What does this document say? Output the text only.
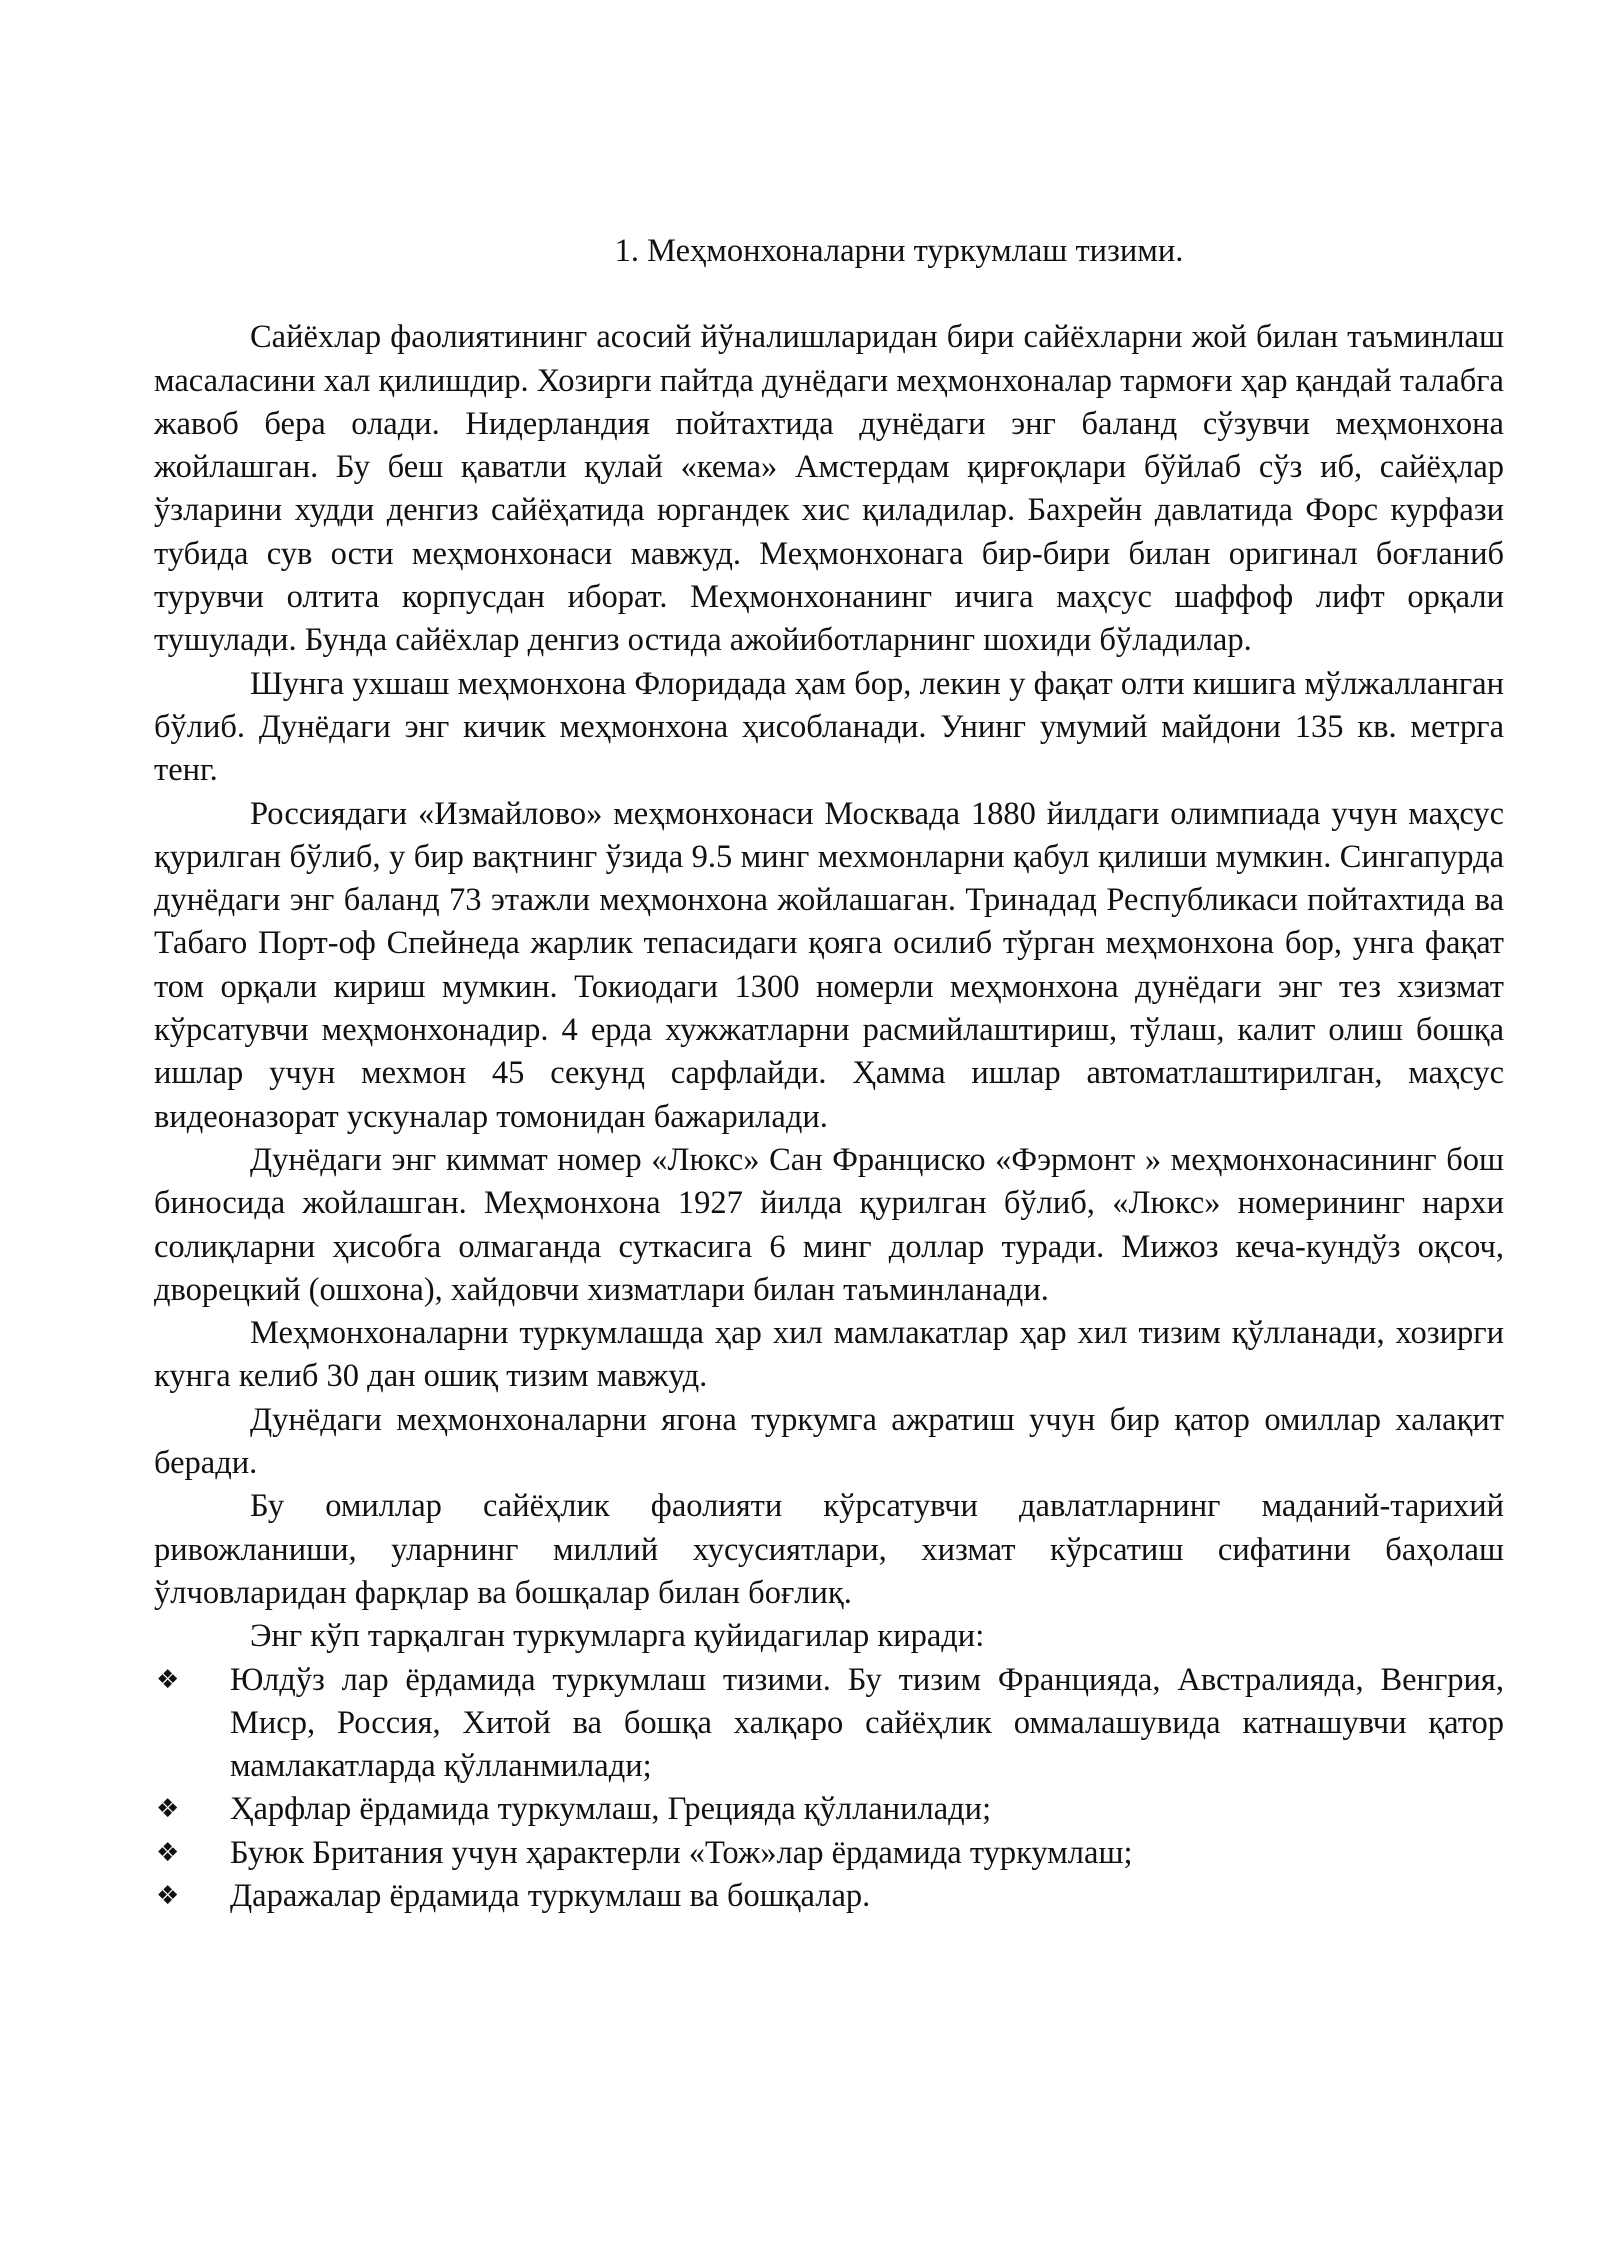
1. Меҳмонхоналарни туркумлаш тизими.

Сайёхлар фаолиятининг асосий йўналишларидан бири сайёхларни жой билан таъминлаш масаласини хал қилишдир. Хозирги пайтда дунёдаги меҳмонхоналар тармоғи ҳар қандай талабга жавоб бера олади. Нидерландия пойтахтида дунёдаги энг баланд сўзувчи меҳмонхона жойлашган. Бу беш қаватли қулай «кема» Амстердам қирғоқлари бўйлаб сўз иб, сайёҳлар ўзларини худди денгиз сайёҳатида юргандек хис қиладилар. Бахрейн давлатида Форс курфази тубида сув ости меҳмонхонаси мавжуд. Меҳмонхонага бир-бири билан оригинал боғланиб турувчи олтита корпусдан иборат. Меҳмонхонанинг ичига маҳсус шаффоф лифт орқали тушулади. Бунда сайёхлар денгиз остида ажойиботларнинг шохиди бўладилар.

Шунга ухшаш меҳмонхона Флоридада ҳам бор, лекин у фақат олти кишига мўлжалланган бўлиб. Дунёдаги энг кичик меҳмонхона ҳисобланади. Унинг умумий майдони 135 кв. метрга тенг.

Россиядаги «Измайлово» меҳмонхонаси Москвада 1880 йилдаги олимпиада учун маҳсус қурилган бўлиб, у бир вақтнинг ўзида 9.5 минг мехмонларни қабул қилиши мумкин. Сингапурда дунёдаги энг баланд 73 этажли меҳмонхона жойлашаган. Тринадад Республикаси пойтахтида ва Табаго Порт-оф Спейнеда жарлик тепасидаги қояга осилиб тўрган меҳмонхона бор, унга фақат том орқали кириш мумкин. Токиодаги 1300 номерли меҳмонхона дунёдаги энг тез хзизмат кўрсатувчи меҳмонхонадир. 4 ерда хужжатларни расмийлаштириш, тўлаш, калит олиш бошқа ишлар учун мехмон 45 секунд сарфлайди. Ҳамма ишлар автоматлаштирилган, маҳсус видеоназорат ускуналар томонидан бажарилади.

Дунёдаги энг киммат номер «Люкс» Сан Франциско «Фэрмонт » меҳмонхонасининг бош биносида жойлашган. Меҳмонхона 1927 йилда қурилган бўлиб, «Люкс» номерининг нархи солиқларни ҳисобга олмаганда суткасига 6 минг доллар туради. Мижоз кеча-кундўз оқсоч, дворецкий (ошхона), хайдовчи хизматлари билан таъминланади.

Меҳмонхоналарни туркумлашда ҳар хил мамлакатлар ҳар хил тизим қўлланади, хозирги кунга келиб 30 дан ошиқ тизим мавжуд.

Дунёдаги меҳмонхоналарни ягона туркумга ажратиш учун бир қатор омиллар халақит беради.

Бу омиллар сайёҳлик фаолияти кўрсатувчи давлатларнинг маданий-тарихий ривожланиши, уларнинг миллий хусусиятлари, хизмат кўрсатиш сифатини баҳолаш ўлчовларидан фарқлар ва бошқалар билан боғлиқ.

Энг кўп тарқалган туркумларга қуйидагилар киради:

❖ Юлдўз лар ёрдамида туркумлаш тизими. Бу тизим Францияда, Австралияда, Венгрия, Миср, Россия, Хитой ва бошқа халқаро сайёҳлик оммалашувида катнашувчи қатор мамлакатларда қўлланмилади;
❖ Ҳарфлар ёрдамида туркумлаш, Грецияда қўлланилади;
❖ Буюк Британия учун ҳарактерли «Тож»лар ёрдамида туркумлаш;
❖ Даражалар ёрдамида туркумлаш ва бошқалар.
